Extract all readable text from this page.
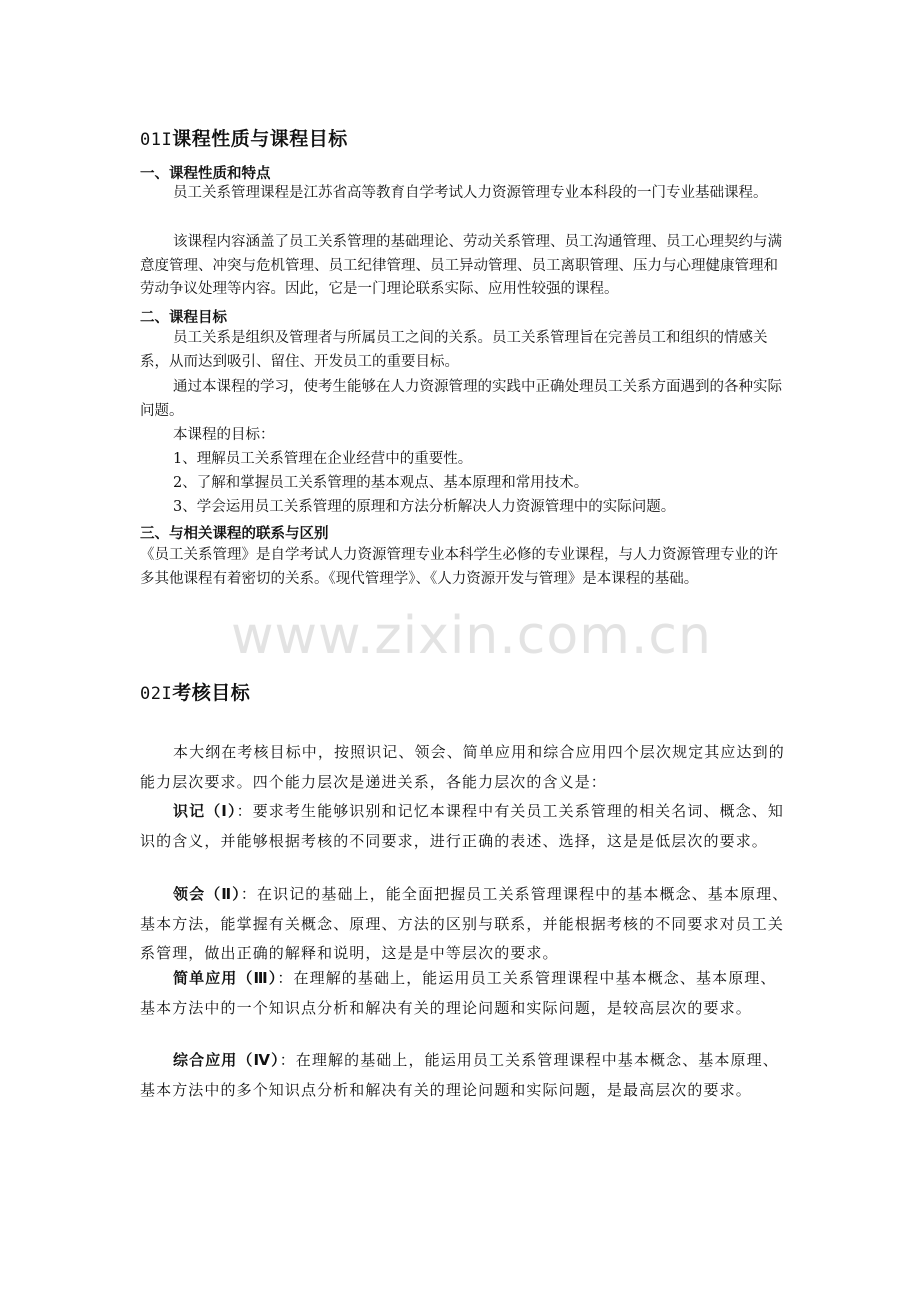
www.zixin.com.cn
01I课程性质与课程目标
一、课程性质和特点
员工关系管理课程是江苏省高等教育自学考试人力资源管理专业本科段的一门专业基础课程。
该课程内容涵盖了员工关系管理的基础理论、劳动关系管理、员工沟通管理、员工心理契约与满意度管理、冲突与危机管理、员工纪律管理、员工异动管理、员工离职管理、压力与心理健康管理和劳动争议处理等内容。因此，它是一门理论联系实际、应用性较强的课程。
二、课程目标
员工关系是组织及管理者与所属员工之间的关系。员工关系管理旨在完善员工和组织的情感关系，从而达到吸引、留住、开发员工的重要目标。
通过本课程的学习，使考生能够在人力资源管理的实践中正确处理员工关系方面遇到的各种实际问题。
本课程的目标：
1、理解员工关系管理在企业经营中的重要性。
2、了解和掌握员工关系管理的基本观点、基本原理和常用技术。
3、学会运用员工关系管理的原理和方法分析解决人力资源管理中的实际问题。
三、与相关课程的联系与区别
《员工关系管理》是自学考试人力资源管理专业本科学生必修的专业课程，与人力资源管理专业的许多其他课程有着密切的关系。《现代管理学》、《人力资源开发与管理》是本课程的基础。
02I考核目标
本大纲在考核目标中，按照识记、领会、简单应用和综合应用四个层次规定其应达到的能力层次要求。四个能力层次是递进关系，各能力层次的含义是：
识记（Ⅰ）：要求考生能够识别和记忆本课程中有关员工关系管理的相关名词、概念、知识的含义，并能够根据考核的不同要求，进行正确的表述、选择，这是是低层次的要求。
领会（Ⅱ）：在识记的基础上，能全面把握员工关系管理课程中的基本概念、基本原理、基本方法，能掌握有关概念、原理、方法的区别与联系，并能根据考核的不同要求对员工关系管理，做出正确的解释和说明，这是是中等层次的要求。
简单应用（Ⅲ）：在理解的基础上，能运用员工关系管理课程中基本概念、基本原理、基本方法中的一个知识点分析和解决有关的理论问题和实际问题，是较高层次的要求。
综合应用（Ⅳ）：在理解的基础上，能运用员工关系管理课程中基本概念、基本原理、基本方法中的多个知识点分析和解决有关的理论问题和实际问题，是最高层次的要求。
